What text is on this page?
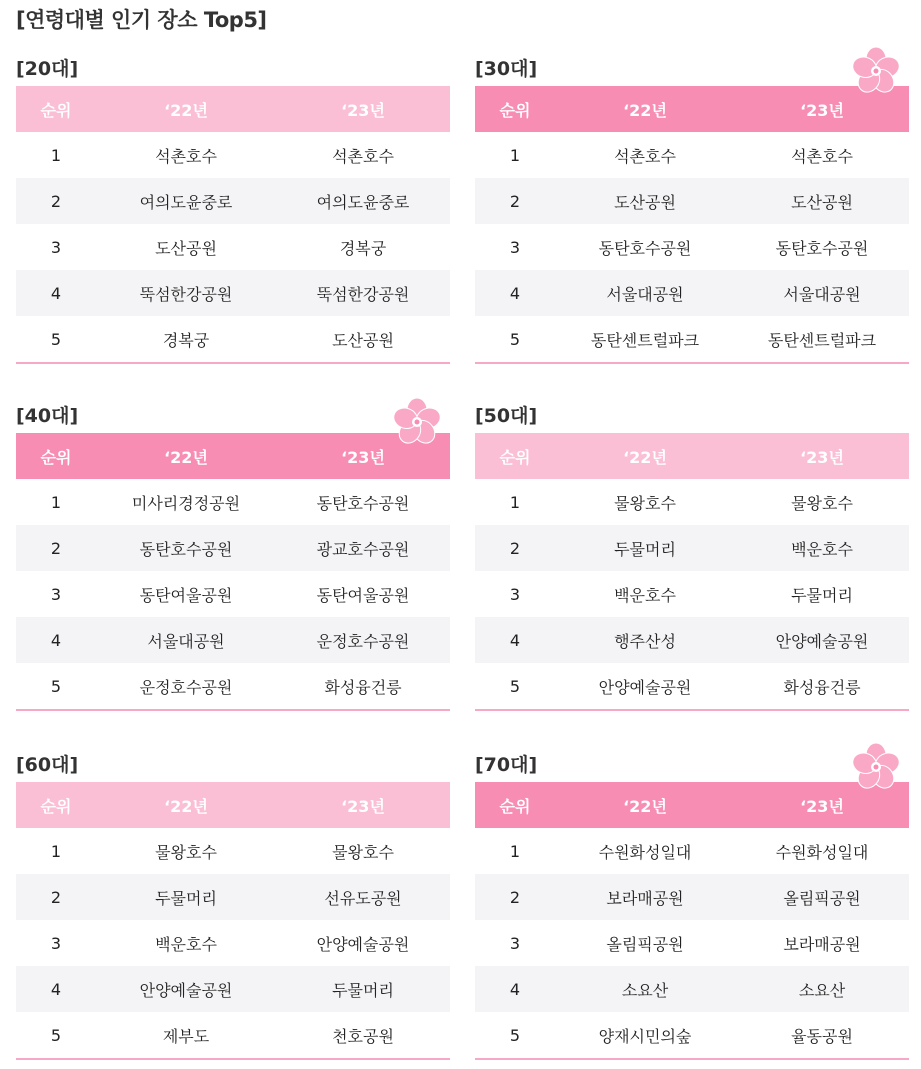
[연령대별 인기 장소 Top5]
[20대]
순위	‘22년	‘23년
1	석촌호수	석촌호수
2	여의도윤중로	여의도윤중로
3	도산공원	경복궁
4	뚝섬한강공원	뚝섬한강공원
5	경복궁	도산공원
[30대]
순위	‘22년	‘23년
1	석촌호수	석촌호수
2	도산공원	도산공원
3	동탄호수공원	동탄호수공원
4	서울대공원	서울대공원
5	동탄센트럴파크	동탄센트럴파크
[40대]
순위	‘22년	‘23년
1	미사리경정공원	동탄호수공원
2	동탄호수공원	광교호수공원
3	동탄여울공원	동탄여울공원
4	서울대공원	운정호수공원
5	운정호수공원	화성융건릉
[50대]
순위	‘22년	‘23년
1	물왕호수	물왕호수
2	두물머리	백운호수
3	백운호수	두물머리
4	행주산성	안양예술공원
5	안양예술공원	화성융건릉
[60대]
순위	‘22년	‘23년
1	물왕호수	물왕호수
2	두물머리	선유도공원
3	백운호수	안양예술공원
4	안양예술공원	두물머리
5	제부도	천호공원
[70대]
순위	‘22년	‘23년
1	수원화성일대	수원화성일대
2	보라매공원	올림픽공원
3	올림픽공원	보라매공원
4	소요산	소요산
5	양재시민의숲	율동공원
